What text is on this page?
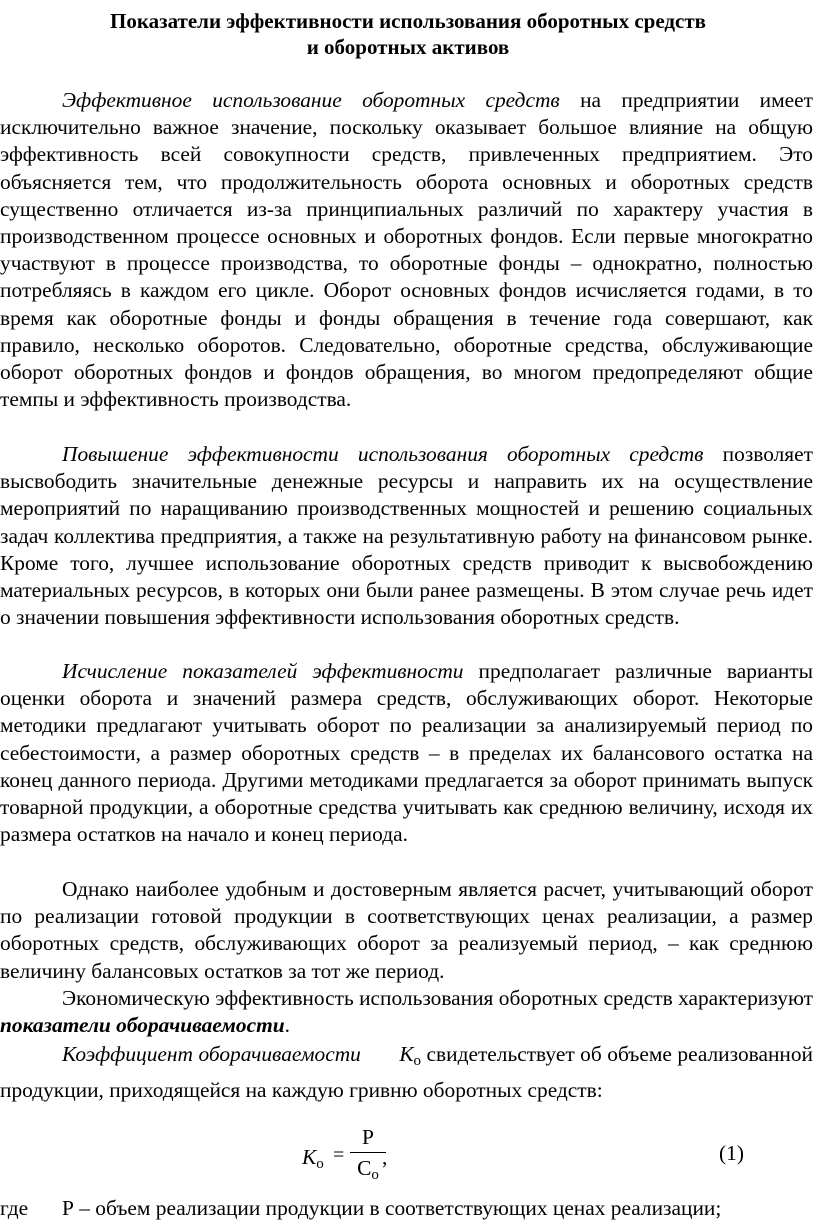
Показатели эффективности использования оборотных средств
и оборотных активов
Эффективное использование оборотных средств на предприятии имеет исключительно важное значение, поскольку оказывает большое влияние на общую эффективность всей совокупности средств, привлеченных предприятием. Это объясняется тем, что продолжительность оборота основных и оборотных средств существенно отличается из-за принципиальных различий по характеру участия в производственном процессе основных и оборотных фондов. Если первые многократно участвуют в процессе производства, то оборотные фонды – однократно, полностью потребляясь в каждом его цикле. Оборот основных фондов исчисляется годами, в то время как оборотные фонды и фонды обращения в течение года совершают, как правило, несколько оборотов. Следовательно, оборотные средства, обслуживающие оборот оборотных фондов и фондов обращения, во многом предопределяют общие темпы и эффективность производства.
Повышение эффективности использования оборотных средств позволяет высвободить значительные денежные ресурсы и направить их на осуществление мероприятий по наращиванию производственных мощностей и решению социальных задач коллектива предприятия, а также на результативную работу на финансовом рынке. Кроме того, лучшее использование оборотных средств приводит к высвобождению материальных ресурсов, в которых они были ранее размещены. В этом случае речь идет о значении повышения эффективности использования оборотных средств.
Исчисление показателей эффективности предполагает различные варианты оценки оборота и значений размера средств, обслуживающих оборот. Некоторые методики предлагают учитывать оборот по реализации за анализируемый период по себестоимости, а размер оборотных средств – в пределах их балансового остатка на конец данного периода. Другими методиками предлагается за оборот принимать выпуск товарной продукции, а оборотные средства учитывать как среднюю величину, исходя их размера остатков на начало и конец периода.
Однако наиболее удобным и достоверным является расчет, учитывающий оборот по реализации готовой продукции в соответствующих ценах реализации, а размер оборотных средств, обслуживающих оборот за реализуемый период, – как среднюю величину балансовых остатков за тот же период.
Экономическую эффективность использования оборотных средств характеризуют показатели оборачиваемости.
Коэффициент оборачиваемости $К_о$ свидетельствует об объеме реализованной продукции, приходящейся на каждую гривню оборотных средств:
$К_о$ =
Р
$С_о$
,	(1)
где Р – объем реализации продукции в соответствующих ценах реализации;
